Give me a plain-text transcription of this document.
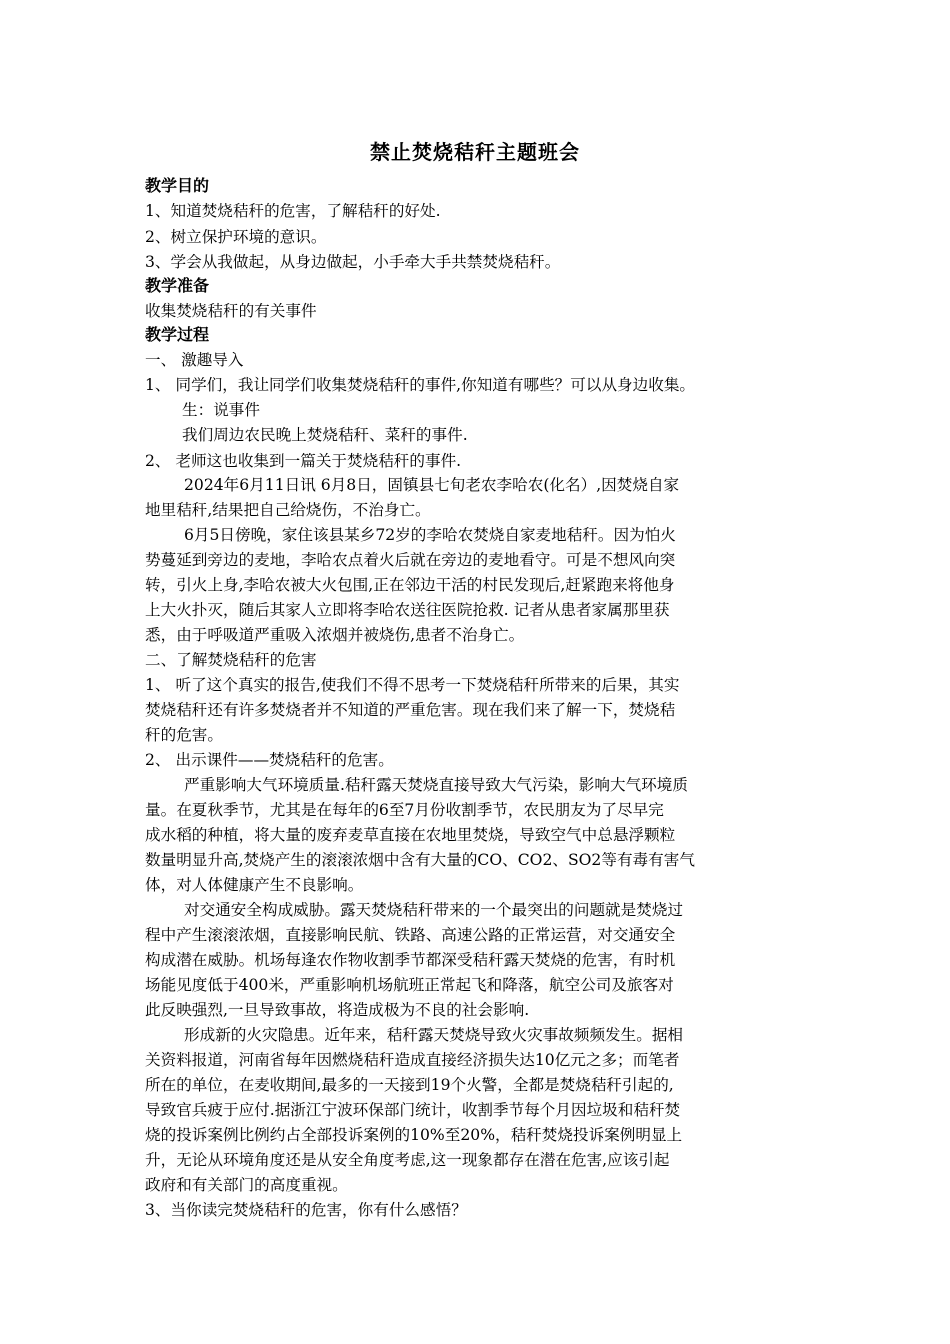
禁止焚烧秸秆主题班会
教学目的
1、知道焚烧秸秆的危害，了解秸秆的好处.
2、树立保护环境的意识。
3、学会从我做起，从身边做起，小手牵大手共禁焚烧秸秆。
教学准备
收集焚烧秸秆的有关事件
教学过程
一、 激趣导入
1、 同学们，我让同学们收集焚烧秸秆的事件,你知道有哪些？可以从身边收集。
生：说事件
我们周边农民晚上焚烧秸秆、菜秆的事件.
2、 老师这也收集到一篇关于焚烧秸秆的事件.
2024年6月11日讯 6月8日，固镇县七旬老农李哈农(化名）,因焚烧自家
地里秸秆,结果把自己给烧伤，不治身亡。
6月5日傍晚，家住该县某乡72岁的李哈农焚烧自家麦地秸秆。因为怕火
势蔓延到旁边的麦地，李哈农点着火后就在旁边的麦地看守。可是不想风向突
转，引火上身,李哈农被大火包围,正在邻边干活的村民发现后,赶紧跑来将他身
上大火扑灭，随后其家人立即将李哈农送往医院抢救. 记者从患者家属那里获
悉，由于呼吸道严重吸入浓烟并被烧伤,患者不治身亡。
二、了解焚烧秸秆的危害
1、 听了这个真实的报告,使我们不得不思考一下焚烧秸秆所带来的后果，其实
焚烧秸秆还有许多焚烧者并不知道的严重危害。现在我们来了解一下，焚烧秸
秆的危害。
2、 出示课件——焚烧秸秆的危害。
严重影响大气环境质量.秸秆露天焚烧直接导致大气污染，影响大气环境质
量。在夏秋季节，尤其是在每年的6至7月份收割季节，农民朋友为了尽早完
成水稻的种植，将大量的废弃麦草直接在农地里焚烧，导致空气中总悬浮颗粒
数量明显升高,焚烧产生的滚滚浓烟中含有大量的CO、CO2、SO2等有毒有害气
体，对人体健康产生不良影响。
对交通安全构成威胁。露天焚烧秸秆带来的一个最突出的问题就是焚烧过
程中产生滚滚浓烟，直接影响民航、铁路、高速公路的正常运营，对交通安全
构成潜在威胁。机场每逢农作物收割季节都深受秸秆露天焚烧的危害，有时机
场能见度低于400米，严重影响机场航班正常起飞和降落，航空公司及旅客对
此反映强烈,一旦导致事故，将造成极为不良的社会影响.
形成新的火灾隐患。近年来，秸秆露天焚烧导致火灾事故频频发生。据相
关资料报道，河南省每年因燃烧秸秆造成直接经济损失达10亿元之多；而笔者
所在的单位，在麦收期间,最多的一天接到19个火警，全都是焚烧秸秆引起的,
导致官兵疲于应付.据浙江宁波环保部门统计，收割季节每个月因垃圾和秸秆焚
烧的投诉案例比例约占全部投诉案例的10%至20%，秸秆焚烧投诉案例明显上
升，无论从环境角度还是从安全角度考虑,这一现象都存在潜在危害,应该引起
政府和有关部门的高度重视。
3、当你读完焚烧秸秆的危害，你有什么感悟？
